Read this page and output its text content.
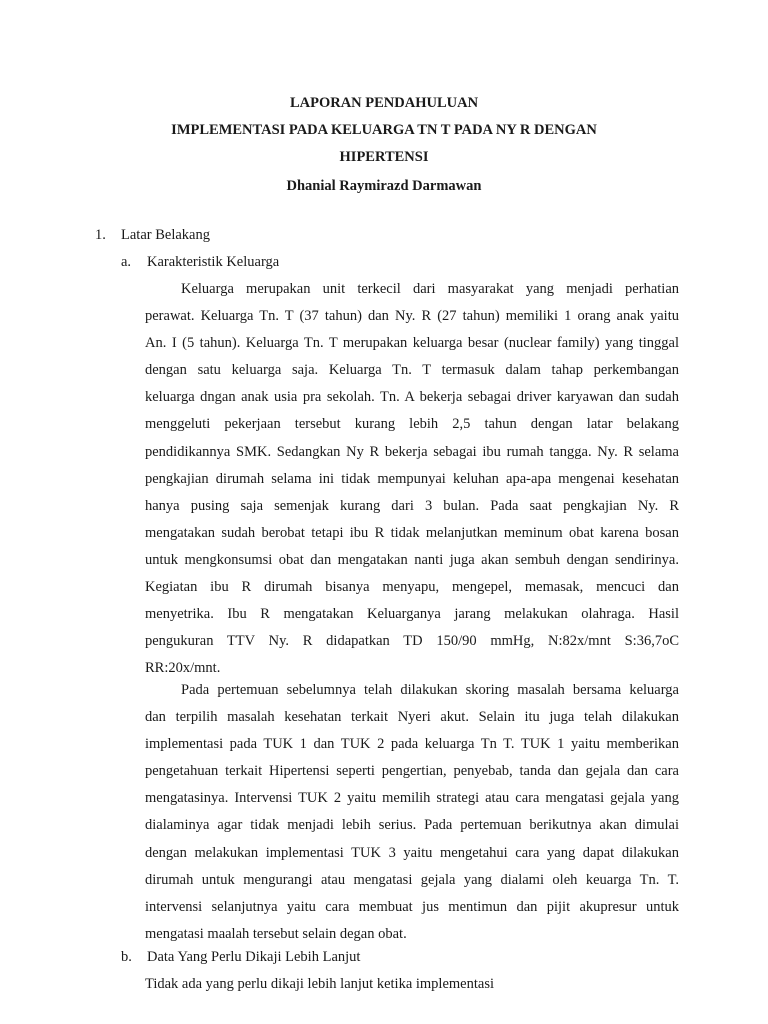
LAPORAN PENDAHULUAN
IMPLEMENTASI PADA KELUARGA TN T PADA NY R DENGAN
HIPERTENSI
Dhanial Raymirazd Darmawan
1. Latar Belakang
a. Karakteristik Keluarga
Keluarga merupakan unit terkecil dari masyarakat yang menjadi perhatian
perawat. Keluarga Tn. T (37 tahun) dan Ny. R (27 tahun) memiliki 1 orang anak yaitu
An. I (5 tahun). Keluarga Tn. T merupakan keluarga besar (nuclear family) yang tinggal
dengan satu keluarga saja. Keluarga Tn. T termasuk dalam tahap perkembangan
keluarga dngan anak usia pra sekolah. Tn. A bekerja sebagai driver karyawan dan sudah
menggeluti pekerjaan tersebut kurang lebih 2,5 tahun dengan latar belakang
pendidikannya SMK. Sedangkan Ny R bekerja sebagai ibu rumah tangga. Ny. R selama
pengkajian dirumah selama ini tidak mempunyai keluhan apa-apa mengenai kesehatan
hanya pusing saja semenjak kurang dari 3 bulan. Pada saat pengkajian Ny. R
mengatakan sudah berobat tetapi ibu R tidak melanjutkan meminum obat karena bosan
untuk mengkonsumsi obat dan mengatakan nanti juga akan sembuh dengan sendirinya.
Kegiatan ibu R dirumah bisanya menyapu, mengepel, memasak, mencuci dan
menyetrika. Ibu R mengatakan Keluarganya jarang melakukan olahraga. Hasil
pengukuran TTV Ny. R didapatkan TD 150/90 mmHg, N:82x/mnt S:36,7oC
RR:20x/mnt.
Pada pertemuan sebelumnya telah dilakukan skoring masalah bersama keluarga
dan terpilih masalah kesehatan terkait Nyeri akut. Selain itu juga telah dilakukan
implementasi pada TUK 1 dan TUK 2 pada keluarga Tn T. TUK 1 yaitu memberikan
pengetahuan terkait Hipertensi seperti pengertian, penyebab, tanda dan gejala dan cara
mengatasinya. Intervensi TUK 2 yaitu memilih strategi atau cara mengatasi gejala yang
dialaminya agar tidak menjadi lebih serius. Pada pertemuan berikutnya akan dimulai
dengan melakukan implementasi TUK 3 yaitu mengetahui cara yang dapat dilakukan
dirumah untuk mengurangi atau mengatasi gejala yang dialami oleh keuarga Tn. T.
intervensi selanjutnya yaitu cara membuat jus mentimun dan pijit akupresur untuk
mengatasi maalah tersebut selain degan obat.
b. Data Yang Perlu Dikaji Lebih Lanjut
Tidak ada yang perlu dikaji lebih lanjut ketika implementasi
